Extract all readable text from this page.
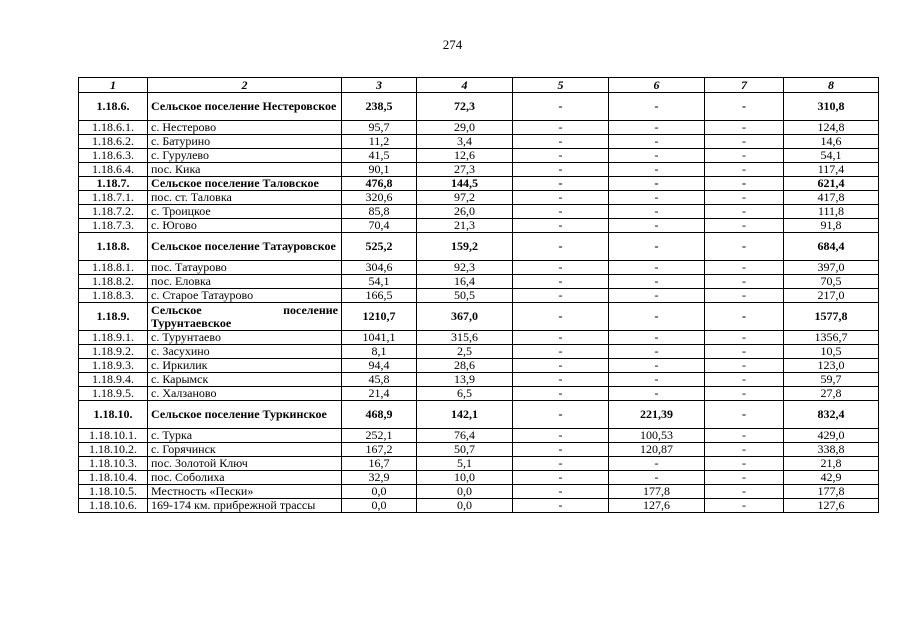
274
1	2	3	4	5	6	7	8
1.18.6.	Сельское поселение Нестеровское	238,5	72,3	-	-	-	310,8
1.18.6.1.	с. Нестерово	95,7	29,0	-	-	-	124,8
1.18.6.2.	с. Батурино	11,2	3,4	-	-	-	14,6
1.18.6.3.	с. Гурулево	41,5	12,6	-	-	-	54,1
1.18.6.4.	пос. Кика	90,1	27,3	-	-	-	117,4
1.18.7.	Сельское поселение Таловское	476,8	144,5	-	-	-	621,4
1.18.7.1.	пос. ст. Таловка	320,6	97,2	-	-	-	417,8
1.18.7.2.	с. Троицкое	85,8	26,0	-	-	-	111,8
1.18.7.3.	с. Югово	70,4	21,3	-	-	-	91,8
1.18.8.	Сельское поселение Татауровское	525,2	159,2	-	-	-	684,4
1.18.8.1.	пос. Татаурово	304,6	92,3	-	-	-	397,0
1.18.8.2.	пос. Еловка	54,1	16,4	-	-	-	70,5
1.18.8.3.	с. Старое Татаурово	166,5	50,5	-	-	-	217,0
1.18.9.	Сельское поселение Турунтаевское	1210,7	367,0	-	-	-	1577,8
1.18.9.1.	с. Турунтаево	1041,1	315,6	-	-	-	1356,7
1.18.9.2.	с. Засухино	8,1	2,5	-	-	-	10,5
1.18.9.3.	с. Иркилик	94,4	28,6	-	-	-	123,0
1.18.9.4.	с. Карымск	45,8	13,9	-	-	-	59,7
1.18.9.5.	с. Халзаново	21,4	6,5	-	-	-	27,8
1.18.10.	Сельское поселение Туркинское	468,9	142,1	-	221,39	-	832,4
1.18.10.1.	с. Турка	252,1	76,4	-	100,53	-	429,0
1.18.10.2.	с. Горячинск	167,2	50,7	-	120,87	-	338,8
1.18.10.3.	пос. Золотой Ключ	16,7	5,1	-	-	-	21,8
1.18.10.4.	пос. Соболиха	32,9	10,0	-	-	-	42,9
1.18.10.5.	Местность «Пески»	0,0	0,0	-	177,8	-	177,8
1.18.10.6.	169-174 км. прибрежной трассы	0,0	0,0	-	127,6	-	127,6
